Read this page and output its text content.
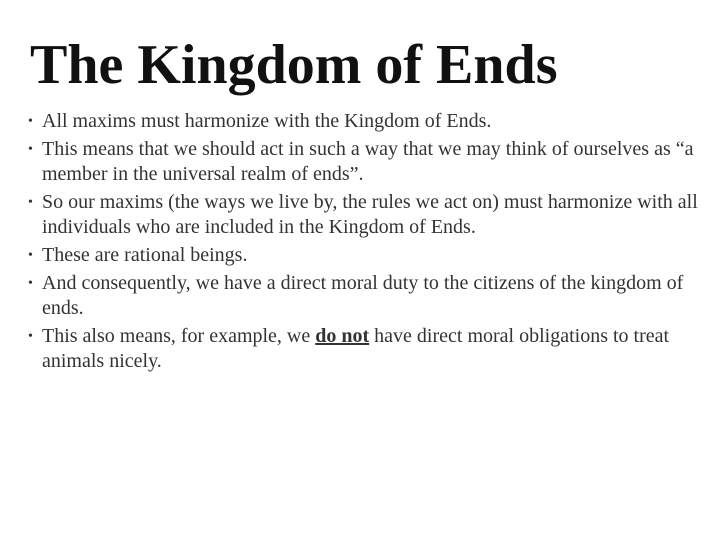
The Kingdom of Ends
• All maxims must harmonize with the Kingdom of Ends.
• This means that we should act in such a way that we may think of ourselves as “a member in the universal realm of ends”.
• So our maxims (the ways we live by, the rules we act on) must harmonize with all individuals who are included in the Kingdom of Ends.
• These are rational beings.
• And consequently, we have a direct moral duty to the citizens of the kingdom of ends.
• This also means, for example, we do not have direct moral obligations to treat animals nicely.
